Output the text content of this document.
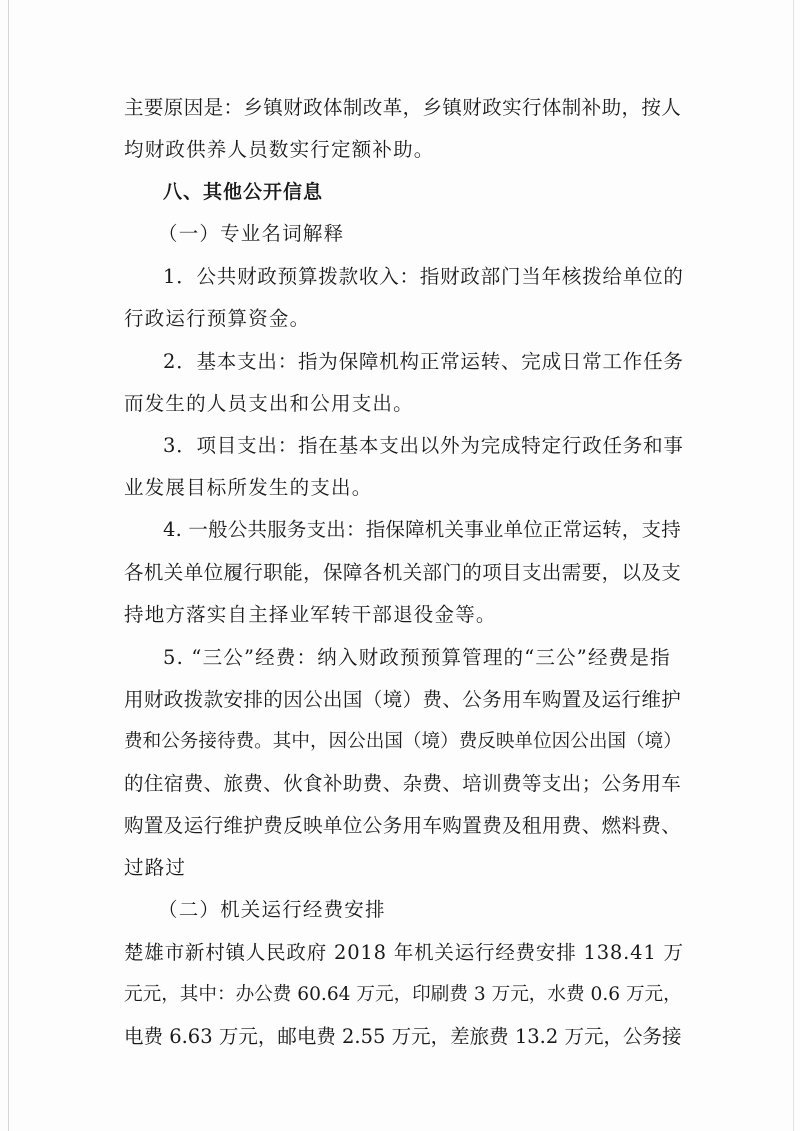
主要原因是：乡镇财政体制改革，乡镇财政实行体制补助，按人
均财政供养人员数实行定额补助。
八、其他公开信息
（一）专业名词解释
1．公共财政预算拨款收入：指财政部门当年核拨给单位的
行政运行预算资金。
2．基本支出：指为保障机构正常运转、完成日常工作任务
而发生的人员支出和公用支出。
3．项目支出：指在基本支出以外为完成特定行政任务和事
业发展目标所发生的支出。
4. 一般公共服务支出：指保障机关事业单位正常运转，支持
各机关单位履行职能，保障各机关部门的项目支出需要，以及支
持地方落实自主择业军转干部退役金等。
5. “三公”经费：纳入财政预预算管理的“三公”经费是指
用财政拨款安排的因公出国（境）费、公务用车购置及运行维护
费和公务接待费。其中，因公出国（境）费反映单位因公出国（境）
的住宿费、旅费、伙食补助费、杂费、培训费等支出；公务用车
购置及运行维护费反映单位公务用车购置费及租用费、燃料费、
过路过
（二）机关运行经费安排
楚雄市新村镇人民政府 2018 年机关运行经费安排 138.41 万
元元，其中：办公费 60.64 万元，印刷费 3 万元，水费 0.6 万元，
电费 6.63 万元，邮电费 2.55 万元，差旅费 13.2 万元，公务接
